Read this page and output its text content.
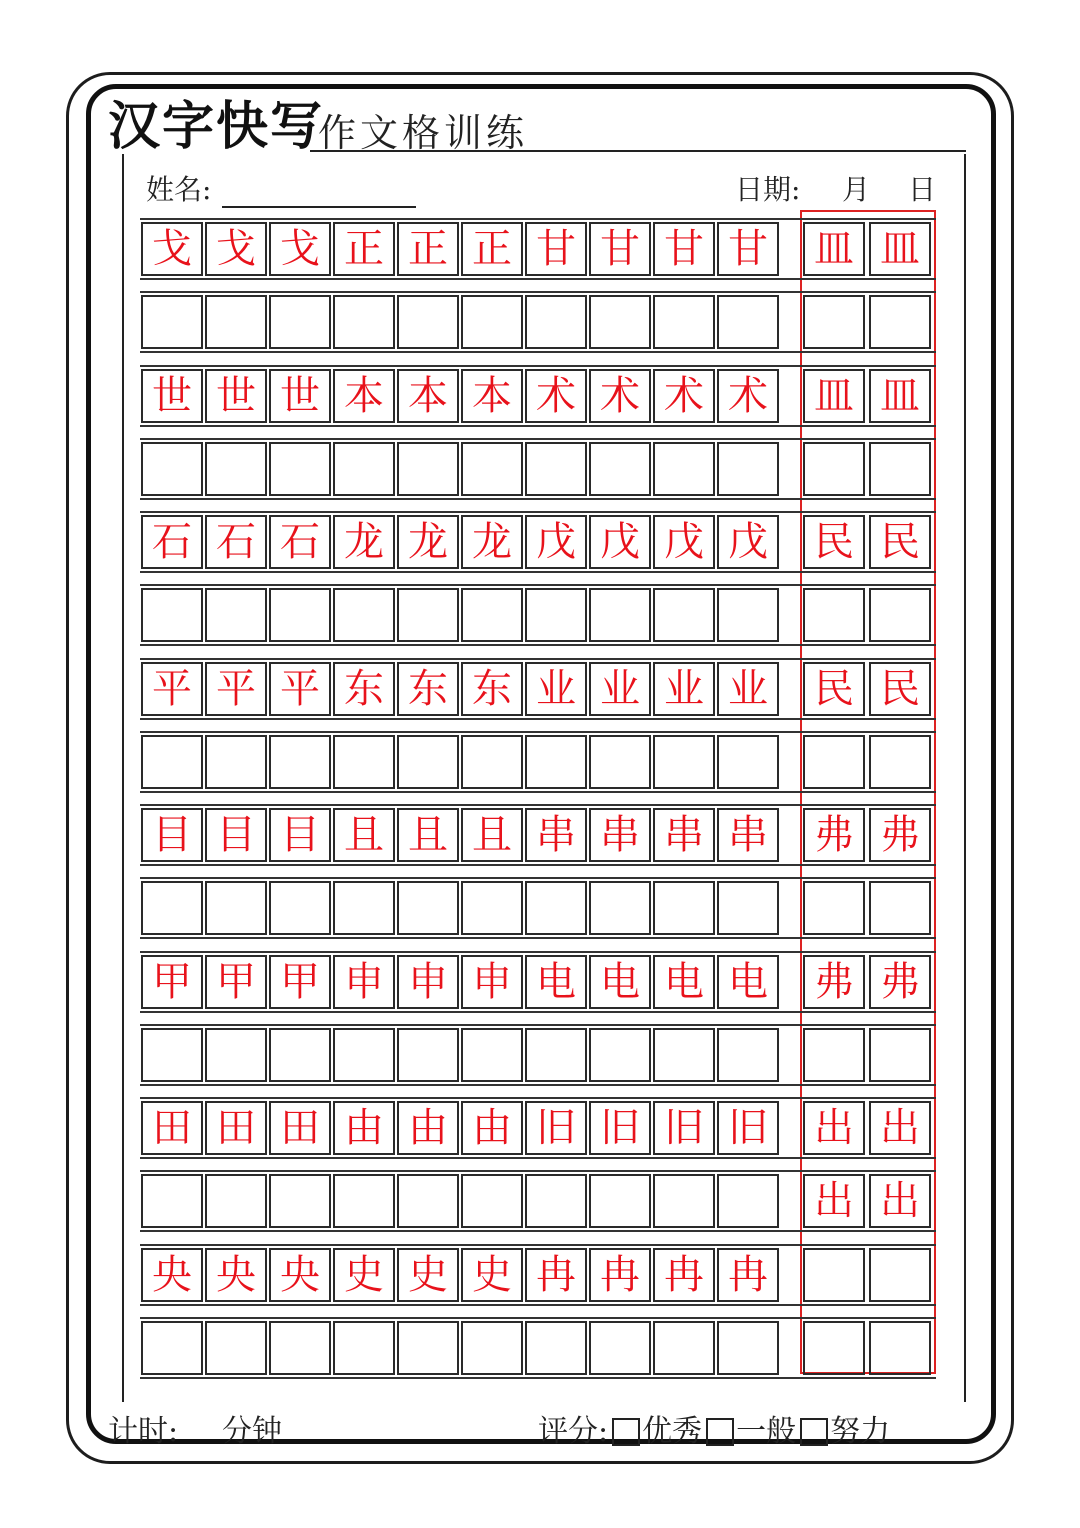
汉字快写
作文格训练
姓名:	日期: 月 日
戈 戈 戈 正 正 正 甘 甘 甘 甘 皿 皿
世 世 世 本 本 本 术 术 术 术 皿 皿
石 石 石 龙 龙 龙 戊 戊 戊 戊 民 民
平 平 平 东 东 东 业 业 业 业 民 民
目 目 目 且 且 且 串 串 串 串 弗 弗
甲 甲 甲 申 申 申 电 电 电 电 弗 弗
田 田 田 由 由 由 旧 旧 旧 旧 出 出
出 出
央 央 央 史 史 史 冉 冉 冉 冉
计时: 分钟	评分: 优秀 一般 努力
